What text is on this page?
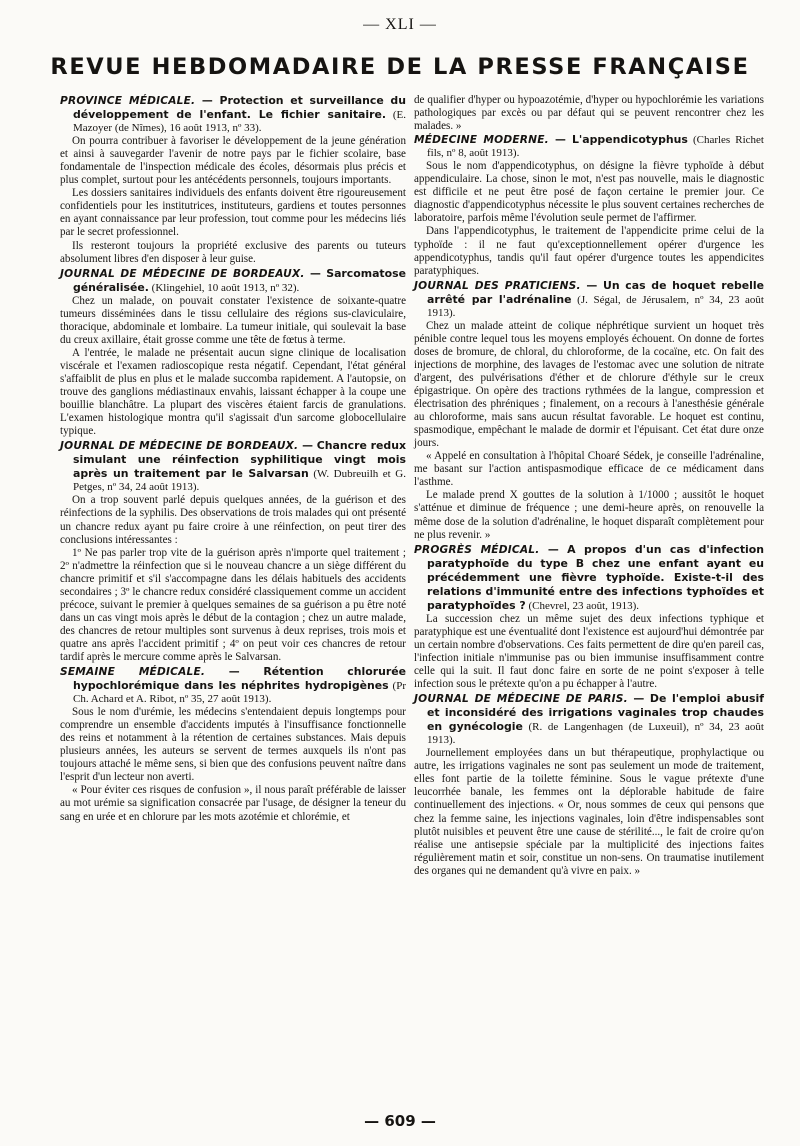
— XLI —
REVUE HEBDOMADAIRE DE LA PRESSE FRANÇAISE
PROVINCE MÉDICALE. — Protection et surveillance du développement de l'enfant. Le fichier sanitaire. (E. Mazoyer (de Nîmes), 16 août 1913, nº 33).

On pourra contribuer à favoriser le développement de la jeune génération et ainsi à sauvegarder l'avenir de notre pays par le fichier scolaire, base fondamentale de l'inspection médicale des écoles, désormais plus précis et plus complet, surtout pour les antécédents personnels, toujours importants.

Les dossiers sanitaires individuels des enfants doivent être rigoureusement confidentiels pour les institutrices, instituteurs, gardiens et toutes personnes en ayant connaissance par leur profession, tout comme pour les médecins liés par le secret professionnel.

Ils resteront toujours la propriété exclusive des parents ou tuteurs absolument libres d'en disposer à leur guise.

JOURNAL DE MÉDECINE DE BORDEAUX. — Sarcomatose généralisée. (Klingehiel, 10 août 1913, nº 32).

Chez un malade, on pouvait constater l'existence de soixante-quatre tumeurs disséminées dans le tissu cellulaire des régions sus-claviculaire, thoracique, abdominale et lombaire. La tumeur initiale, qui soulevait la base du creux axillaire, était grosse comme une tête de fœtus à terme.

A l'entrée, le malade ne présentait aucun signe clinique de localisation viscérale et l'examen radioscopique resta négatif. Cependant, l'état général s'affaiblit de plus en plus et le malade succomba rapidement. A l'autopsie, on trouve des ganglions médiastinaux envahis, laissant échapper à la coupe une bouillie blanchâtre. La plupart des viscères étaient farcis de granulations. L'examen histologique montra qu'il s'agissait d'un sarcome globocellulaire typique.

JOURNAL DE MÉDECINE DE BORDEAUX. — Chancre redux simulant une réinfection syphilitique vingt mois après un traitement par le Salvarsan (W. Dubreuilh et G. Petges, nº 34, 24 août 1913).

On a trop souvent parlé depuis quelques années, de la guérison et des réinfections de la syphilis. Des observations de trois malades qui ont présenté un chancre redux ayant pu faire croire à une réinfection, on peut tirer des conclusions intéressantes :

1º Ne pas parler trop vite de la guérison après n'importe quel traitement ; 2º n'admettre la réinfection que si le nouveau chancre a un siège différent du chancre primitif et s'il s'accompagne dans les délais habituels des accidents secondaires ; 3º le chancre redux considéré classiquement comme un accident précoce, suivant le premier à quelques semaines de sa guérison a pu être noté dans un cas vingt mois après le début de la contagion ; chez un autre malade, des chancres de retour multiples sont survenus à deux reprises, trois mois et quatre ans après l'accident primitif ; 4º on peut voir ces chancres de retour tardif après le mercure comme après le Salvarsan.

SEMAINE MÉDICALE. — Rétention chlorurée hypochlorémique dans les néphrites hydropigènes (Pr Ch. Achard et A. Ribot, nº 35, 27 août 1913).

Sous le nom d'urémie, les médecins s'entendaient depuis longtemps pour comprendre un ensemble d'accidents imputés à l'insuffisance fonctionnelle des reins et notamment à la rétention de certaines substances. Mais depuis plusieurs années, les auteurs se servent de termes auxquels ils n'ont pas toujours attaché le même sens, si bien que des confusions peuvent naître dans l'esprit d'un lecteur non averti.

« Pour éviter ces risques de confusion », il nous paraît préférable de laisser au mot urémie sa signification consacrée par l'usage, de désigner la teneur du sang en urée et en chlorure par les mots azotémie et chlorémie, et

de qualifier d'hyper ou hypoazotémie, d'hyper ou hypochlorémie les variations pathologiques par excès ou par défaut qui se peuvent rencontrer chez les malades. »

MÉDECINE MODERNE. — L'appendicotyphus (Charles Richet fils, nº 8, août 1913).

Sous le nom d'appendicotyphus, on désigne la fièvre typhoïde à début appendiculaire. La chose, sinon le mot, n'est pas nouvelle, mais le diagnostic est difficile et ne peut être posé de façon certaine le premier jour. Ce diagnostic d'appendicotyphus nécessite le plus souvent certaines recherches de laboratoire, parfois même l'évolution seule permet de l'affirmer.

Dans l'appendicotyphus, le traitement de l'appendicite prime celui de la typhoïde : il ne faut qu'exceptionnellement opérer d'urgence les appendicotyphus, tandis qu'il faut opérer d'urgence toutes les appendicites paratyphiques.

JOURNAL DES PRATICIENS. — Un cas de hoquet rebelle arrêté par l'adrénaline (J. Ségal, de Jérusalem, nº 34, 23 août 1913).

Chez un malade atteint de colique néphrétique survient un hoquet très pénible contre lequel tous les moyens employés échouent. On donne de fortes doses de bromure, de chloral, du chloroforme, de la cocaïne, etc. On fait des injections de morphine, des lavages de l'estomac avec une solution de nitrate d'argent, des pulvérisations d'éther et de chlorure d'éthyle sur le creux épigastrique. On opère des tractions rythmées de la langue, compression et électrisation des phréniques ; finalement, on a recours à l'anesthésie générale au chloroforme, mais sans aucun résultat favorable. Le hoquet est continu, spasmodique, empêchant le malade de dormir et l'épuisant. Cet état dure onze jours.

« Appelé en consultation à l'hôpital Choaré Sédek, je conseille l'adrénaline, me basant sur l'action antispasmodique efficace de ce médicament dans l'asthme.

Le malade prend X gouttes de la solution à 1/1000 ; aussitôt le hoquet s'atténue et diminue de fréquence ; une demi-heure après, on renouvelle la même dose de la solution d'adrénaline, le hoquet disparaît complètement pour ne plus revenir. »

PROGRÈS MÉDICAL. — A propos d'un cas d'infection paratyphoïde du type B chez une enfant ayant eu précédemment une fièvre typhoïde. Existe-t-il des relations d'immunité entre des infections typhoïdes et paratyphoïdes ? (Chevrel, 23 août, 1913).

La succession chez un même sujet des deux infections typhique et paratyphique est une éventualité dont l'existence est aujourd'hui démontrée par un certain nombre d'observations. Ces faits permettent de dire qu'en pareil cas, l'infection initiale n'immunise pas ou bien immunise insuffisamment contre celle qui la suit. Il faut donc faire en sorte de ne point s'exposer à telle infection sous le prétexte qu'on a pu échapper à l'autre.

JOURNAL DE MÉDECINE DE PARIS. — De l'emploi abusif et inconsidéré des irrigations vaginales trop chaudes en gynécologie (R. de Langenhagen (de Luxeuil), nº 34, 23 août 1913).

Journellement employées dans un but thérapeutique, prophylactique ou autre, les irrigations vaginales ne sont pas seulement un mode de traitement, elles font partie de la toilette féminine. Sous le vague prétexte d'une leucorrhée banale, les femmes ont la déplorable habitude de faire continuellement des injections. « Or, nous sommes de ceux qui pensons que chez la femme saine, les injections vaginales, loin d'être indispensables sont plutôt nuisibles et peuvent être une cause de stérilité..., le fait de croire qu'on réalise une antisepsie spéciale par la multiplicité des injections faites régulièrement matin et soir, constitue un non-sens. On traumatise inutilement des organes qui ne demandent qu'à vivre en paix. »

— 609 —
